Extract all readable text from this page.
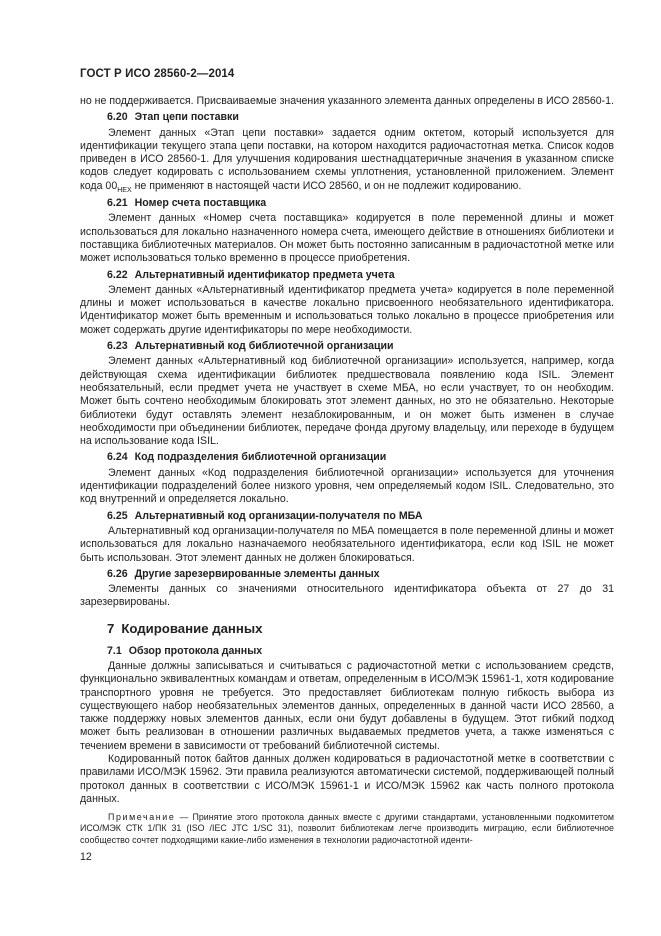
ГОСТ Р ИСО 28560-2—2014

но не поддерживается. Присваиваемые значения указанного элемента данных определены в ИСО 28560-1.

6.20 Этап цепи поставки

Элемент данных «Этап цепи поставки» задается одним октетом, который используется для идентификации текущего этапа цепи поставки, на котором находится радиочастотная метка. Список кодов приведен в ИСО 28560-1. Для улучшения кодирования шестнадцатеричные значения в указанном списке кодов следует кодировать с использованием схемы уплотнения, установленной приложением. Элемент кода $00_{HEX}$ не применяют в настоящей части ИСО 28560, и он не подлежит кодированию.

6.21 Номер счета поставщика

Элемент данных «Номер счета поставщика» кодируется в поле переменной длины и может использоваться для локально назначенного номера счета, имеющего действие в отношениях библиотеки и поставщика библиотечных материалов. Он может быть постоянно записанным в радиочастотной метке или может использоваться только временно в процессе приобретения.

6.22 Альтернативный идентификатор предмета учета

Элемент данных «Альтернативный идентификатор предмета учета» кодируется в поле переменной длины и может использоваться в качестве локально присвоенного необязательного идентификатора. Идентификатор может быть временным и использоваться только локально в процессе приобретения или может содержать другие идентификаторы по мере необходимости.

6.23 Альтернативный код библиотечной организации

Элемент данных «Альтернативный код библиотечной организации» используется, например, когда действующая схема идентификации библиотек предшествовала появлению кода ISIL. Элемент необязательный, если предмет учета не участвует в схеме МБА, но если участвует, то он необходим. Может быть сочтено необходимым блокировать этот элемент данных, но это не обязательно. Некоторые библиотеки будут оставлять элемент незаблокированным, и он может быть изменен в случае необходимости при объединении библиотек, передаче фонда другому владельцу, или переходе в будущем на использование кода ISIL.

6.24 Код подразделения библиотечной организации

Элемент данных «Код подразделения библиотечной организации» используется для уточнения идентификации подразделений более низкого уровня, чем определяемый кодом ISIL. Следовательно, это код внутренний и определяется локально.

6.25 Альтернативный код организации-получателя по МБА

Альтернативный код организации-получателя по МБА помещается в поле переменной длины и может использоваться для локально назначаемого необязательного идентификатора, если код ISIL не может быть использован. Этот элемент данных не должен блокироваться.

6.26 Другие зарезервированные элементы данных

Элементы данных со значениями относительного идентификатора объекта от 27 до 31 зарезервированы.

7 Кодирование данных
7.1 Обзор протокола данных

Данные должны записываться и считываться с радиочастотной метки с использованием средств, функционально эквивалентных командам и ответам, определенным в ИСО/МЭК 15961-1, хотя кодирование транспортного уровня не требуется. Это предоставляет библиотекам полную гибкость выбора из существующего набор необязательных элементов данных, определенных в данной части ИСО 28560, а также поддержку новых элементов данных, если они будут добавлены в будущем. Этот гибкий подход может быть реализован в отношении различных выдаваемых предметов учета, а также изменяться с течением времени в зависимости от требований библиотечной системы.

Кодированный поток байтов данных должен кодироваться в радиочастотной метке в соответствии с правилами ИСО/МЭК 15962. Эти правила реализуются автоматически системой, поддерживающей полный протокол данных в соответствии с ИСО/МЭК 15961-1 и ИСО/МЭК 15962 как часть полного протокола данных.

Примечание — Принятие этого протокола данных вместе с другими стандартами, установленными подкомитетом ИСО/МЭК СТК 1/ПК 31 (ISO /IEC JTC 1/SC 31), позволит библиотекам легче производить миграцию, если библиотечное сообщество сочтет подходящими какие-либо изменения в технологии радиочастотной иденти-

12
